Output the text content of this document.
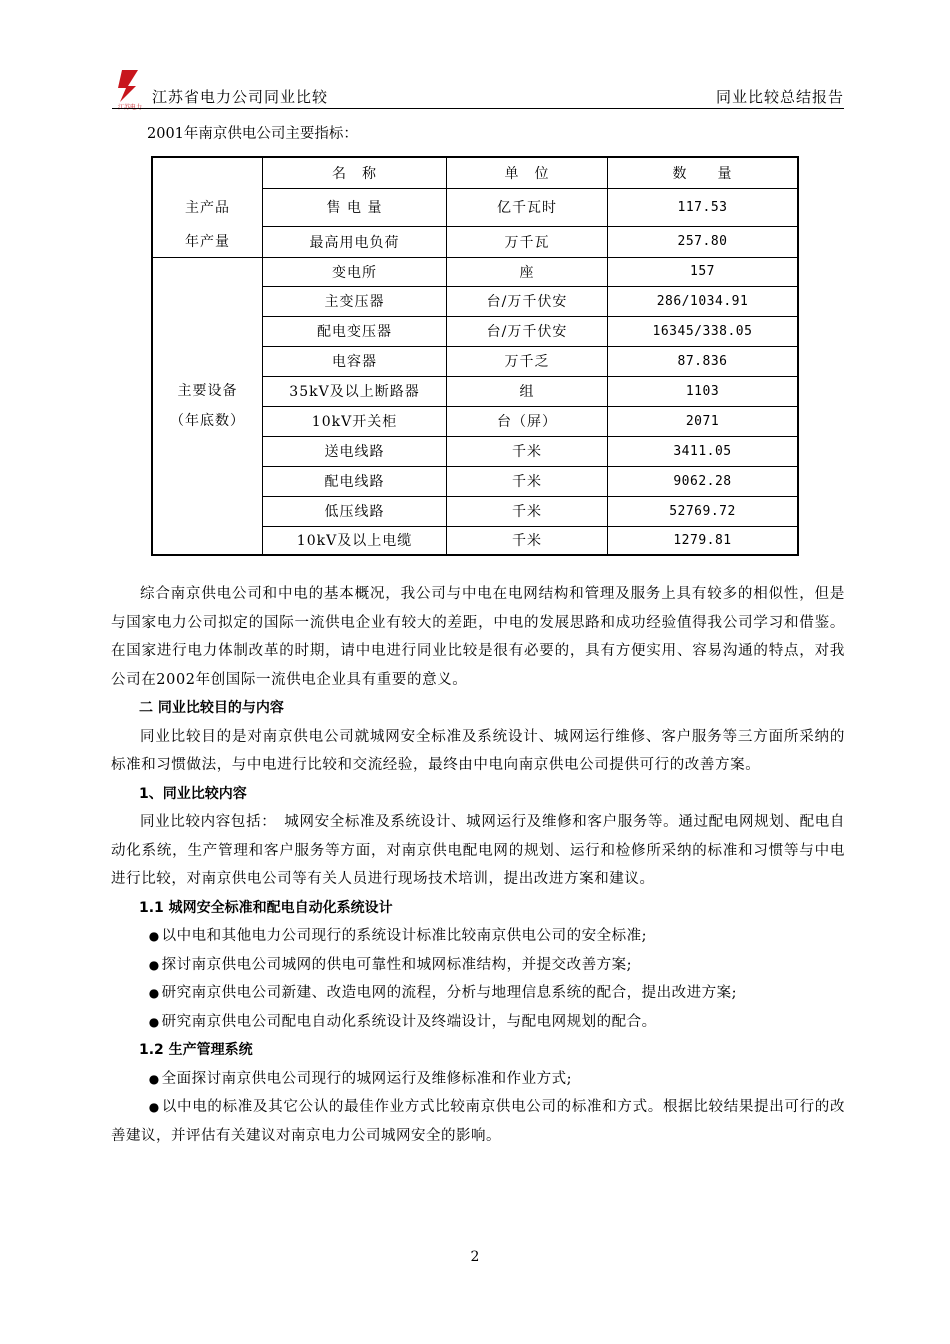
江苏电力
江苏省电力公司同业比较	同业比较总结报告
2001年南京供电公司主要指标：
	名　称	单　位	数　　量
主产品	售 电 量	亿千瓦时	117.53
年产量	最高用电负荷	万千瓦	257.80

主要设备
（年底数）	变电所	座	157
	主变压器	台/万千伏安	286/1034.91
	配电变压器	台/万千伏安	16345/338.05
	电容器	万千乏	87.836
	35kV及以上断路器	组	1103
	10kV开关柜	台（屏）	2071
	送电线路	千米	3411.05
	配电线路	千米	9062.28
	低压线路	千米	52769.72
	10kV及以上电缆	千米	1279.81

综合南京供电公司和中电的基本概况，我公司与中电在电网结构和管理及服务上具有较多的相似性，但是与国家电力公司拟定的国际一流供电企业有较大的差距，中电的发展思路和成功经验值得我公司学习和借鉴。在国家进行电力体制改革的时期，请中电进行同业比较是很有必要的，具有方便实用、容易沟通的特点，对我公司在2002年创国际一流供电企业具有重要的意义。

二 同业比较目的与内容

同业比较目的是对南京供电公司就城网安全标准及系统设计、城网运行维修、客户服务等三方面所采纳的标准和习惯做法，与中电进行比较和交流经验，最终由中电向南京供电公司提供可行的改善方案。

1、同业比较内容

同业比较内容包括：　城网安全标准及系统设计、城网运行及维修和客户服务等。通过配电网规划、配电自动化系统，生产管理和客户服务等方面，对南京供电配电网的规划、运行和检修所采纳的标准和习惯等与中电进行比较，对南京供电公司等有关人员进行现场技术培训，提出改进方案和建议。

1.1 城网安全标准和配电自动化系统设计

● 以中电和其他电力公司现行的系统设计标准比较南京供电公司的安全标准;

● 探讨南京供电公司城网的供电可靠性和城网标准结构，并提交改善方案;

● 研究南京供电公司新建、改造电网的流程，分析与地理信息系统的配合，提出改进方案;

● 研究南京供电公司配电自动化系统设计及终端设计，与配电网规划的配合。

1.2 生产管理系统

● 全面探讨南京供电公司现行的城网运行及维修标准和作业方式;

● 以中电的标准及其它公认的最佳作业方式比较南京供电公司的标准和方式。根据比较结果提出可行的改善建议，并评估有关建议对南京电力公司城网安全的影响。

2
